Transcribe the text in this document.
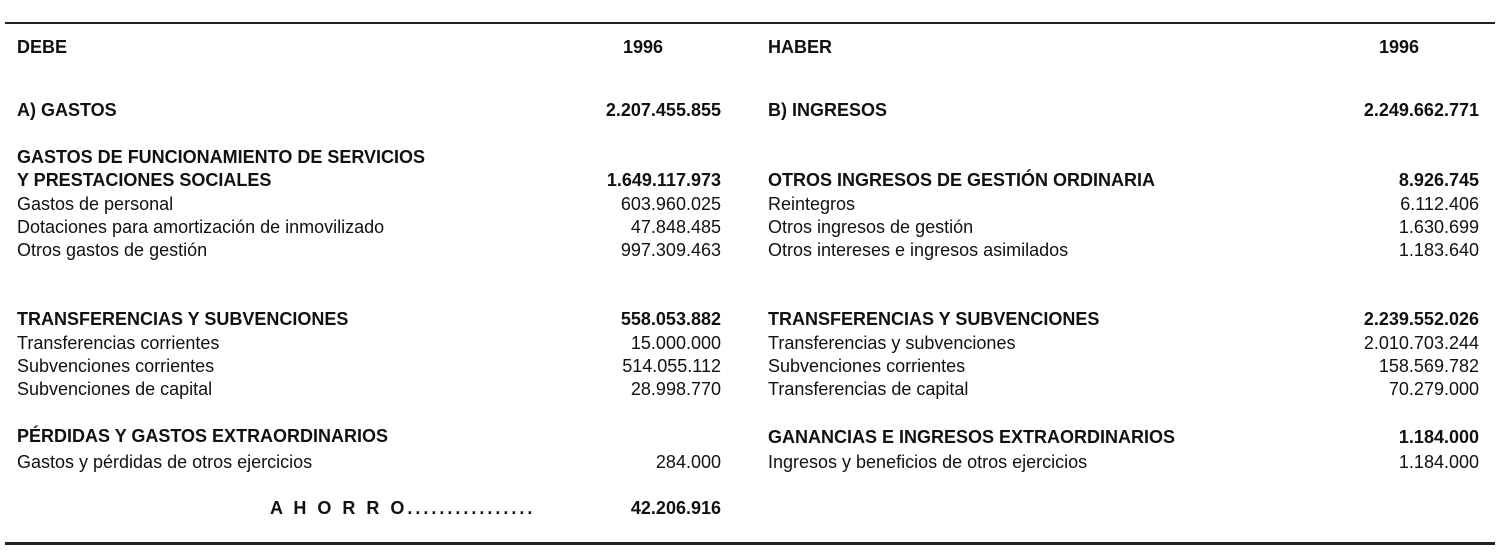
DEBE	1996
A) GASTOS	2.207.455.855
GASTOS DE FUNCIONAMIENTO DE SERVICIOS
Y PRESTACIONES SOCIALES	1.649.117.973
Gastos de personal	603.960.025
Dotaciones para amortización de inmovilizado	47.848.485
Otros gastos de gestión	997.309.463
TRANSFERENCIAS Y SUBVENCIONES	558.053.882
Transferencias corrientes	15.000.000
Subvenciones corrientes	514.055.112
Subvenciones de capital	28.998.770
PÉRDIDAS Y GASTOS EXTRAORDINARIOS
Gastos y pérdidas de otros ejercicios	284.000
A H O R R O................	42.206.916
HABER	1996
B) INGRESOS	2.249.662.771
OTROS INGRESOS DE GESTIÓN ORDINARIA	8.926.745
Reintegros	6.112.406
Otros ingresos de gestión	1.630.699
Otros intereses e ingresos asimilados	1.183.640
TRANSFERENCIAS Y SUBVENCIONES	2.239.552.026
Transferencias y subvenciones	2.010.703.244
Subvenciones corrientes	158.569.782
Transferencias de capital	70.279.000
GANANCIAS E INGRESOS EXTRAORDINARIOS	1.184.000
Ingresos y beneficios de otros ejercicios	1.184.000
